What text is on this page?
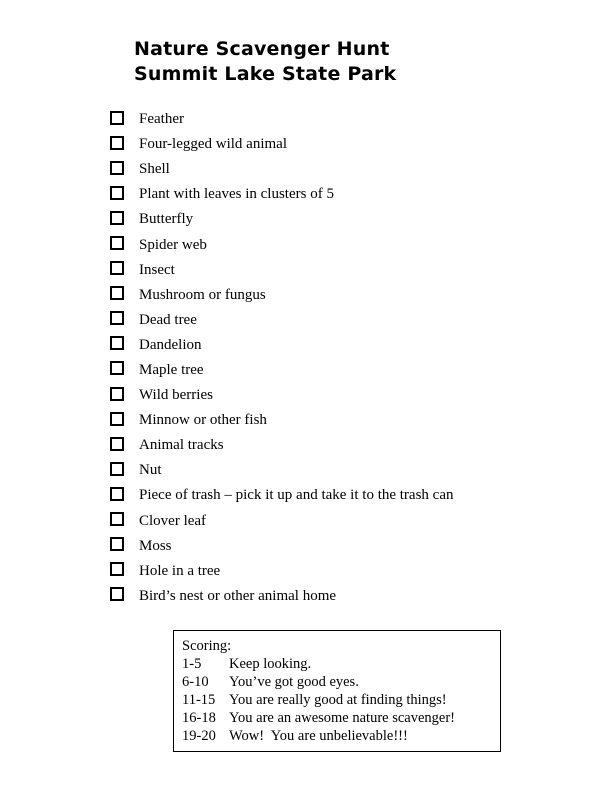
Nature Scavenger Hunt
Summit Lake State Park
Feather
Four-legged wild animal
Shell
Plant with leaves in clusters of 5
Butterfly
Spider web
Insect
Mushroom or fungus
Dead tree
Dandelion
Maple tree
Wild berries
Minnow or other fish
Animal tracks
Nut
Piece of trash – pick it up and take it to the trash can
Clover leaf
Moss
Hole in a tree
Bird’s nest or other animal home
Scoring:
1-5	Keep looking.
6-10	You’ve got good eyes.
11-15 You are really good at finding things!
16-18 You are an awesome nature scavenger!
19-20 Wow!  You are unbelievable!!!
